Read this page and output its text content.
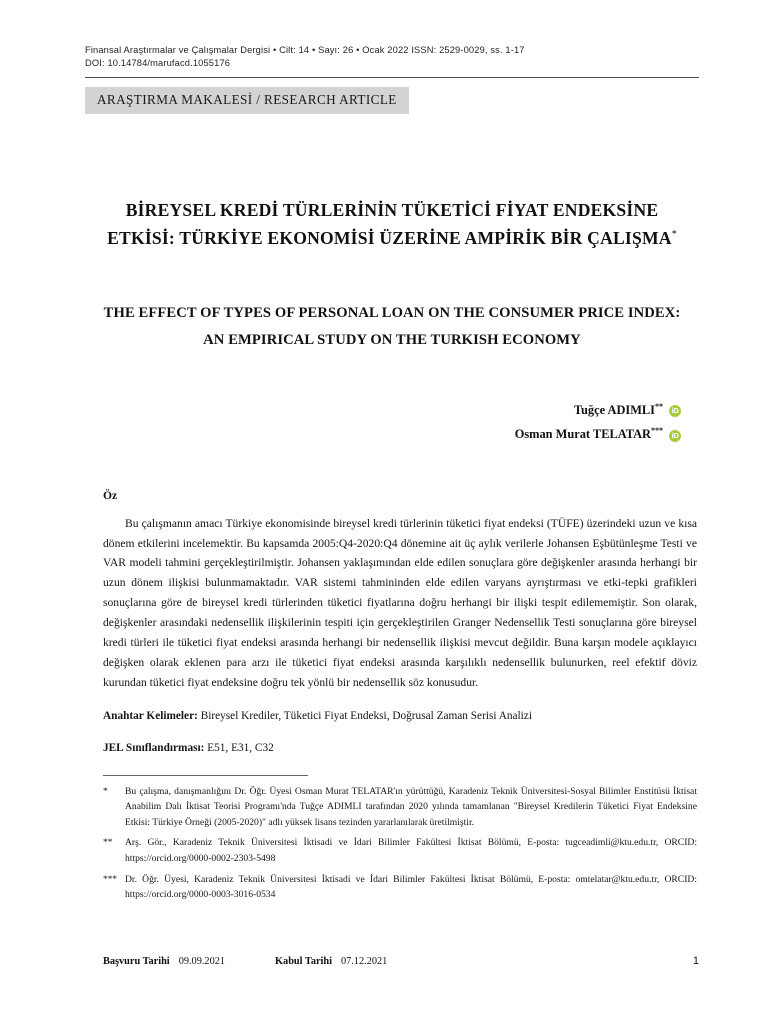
Finansal Araştırmalar ve Çalışmalar Dergisi • Cilt: 14 • Sayı: 26 • Ocak 2022 ISSN: 2529-0029, ss. 1-17
DOI: 10.14784/marufacd.1055176
ARAŞTIRMA MAKALESİ / RESEARCH ARTICLE
BİREYSEL KREDİ TÜRLERİNİN TÜKETİCİ FİYAT ENDEKSİNE ETKİSİ: TÜRKİYE EKONOMİSİ ÜZERİNE AMPİRİK BİR ÇALIŞMA*
THE EFFECT OF TYPES OF PERSONAL LOAN ON THE CONSUMER PRICE INDEX: AN EMPIRICAL STUDY ON THE TURKISH ECONOMY
Tuğçe ADIMLI** iD
Osman Murat TELATAR*** iD
Öz
Bu çalışmanın amacı Türkiye ekonomisinde bireysel kredi türlerinin tüketici fiyat endeksi (TÜFE) üzerindeki uzun ve kısa dönem etkilerini incelemektir. Bu kapsamda 2005:Q4-2020:Q4 dönemine ait üç aylık verilerle Johansen Eşbütünleşme Testi ve VAR modeli tahmini gerçekleştirilmiştir. Johansen yaklaşımından elde edilen sonuçlara göre değişkenler arasında herhangi bir uzun dönem ilişkisi bulunmamaktadır. VAR sistemi tahmininden elde edilen varyans ayrıştırması ve etki-tepki grafikleri sonuçlarına göre de bireysel kredi türlerinden tüketici fiyatlarına doğru herhangi bir ilişki tespit edilememiştir. Son olarak, değişkenler arasındaki nedensellik ilişkilerinin tespiti için gerçekleştirilen Granger Nedensellik Testi sonuçlarına göre bireysel kredi türleri ile tüketici fiyat endeksi arasında herhangi bir nedensellik ilişkisi mevcut değildir. Buna karşın modele açıklayıcı değişken olarak eklenen para arzı ile tüketici fiyat endeksi arasında karşılıklı nedensellik bulunurken, reel efektif döviz kurundan tüketici fiyat endeksine doğru tek yönlü bir nedensellik söz konusudur.
Anahtar Kelimeler: Bireysel Krediler, Tüketici Fiyat Endeksi, Doğrusal Zaman Serisi Analizi
JEL Sınıflandırması: E51, E31, C32
*	Bu çalışma, danışmanlığını Dr. Öğr. Üyesi Osman Murat TELATAR'ın yürüttüğü, Karadeniz Teknik Üniversitesi-Sosyal Bilimler Enstitüsü İktisat Anabilim Dalı İktisat Teorisi Programı'nda Tuğçe ADIMLI tarafından 2020 yılında tamamlanan "Bireysel Kredilerin Tüketici Fiyat Endeksine Etkisi: Türkiye Örneği (2005-2020)" adlı yüksek lisans tezinden yararlanılarak üretilmiştir.
**	Arş. Gör., Karadeniz Teknik Üniversitesi İktisadi ve İdari Bilimler Fakültesi İktisat Bölümü, E-posta: tugceadimli@ktu.edu.tr, ORCID: https://orcid.org/0000-0002-2303-5498
*** Dr. Öğr. Üyesi, Karadeniz Teknik Üniversitesi İktisadi ve İdari Bilimler Fakültesi İktisat Bölümü, E-posta: omtelatar@ktu.edu.tr, ORCID: https://orcid.org/0000-0003-3016-0534
Başvuru Tarihi 09.09.2021	Kabul Tarihi 07.12.2021	1
